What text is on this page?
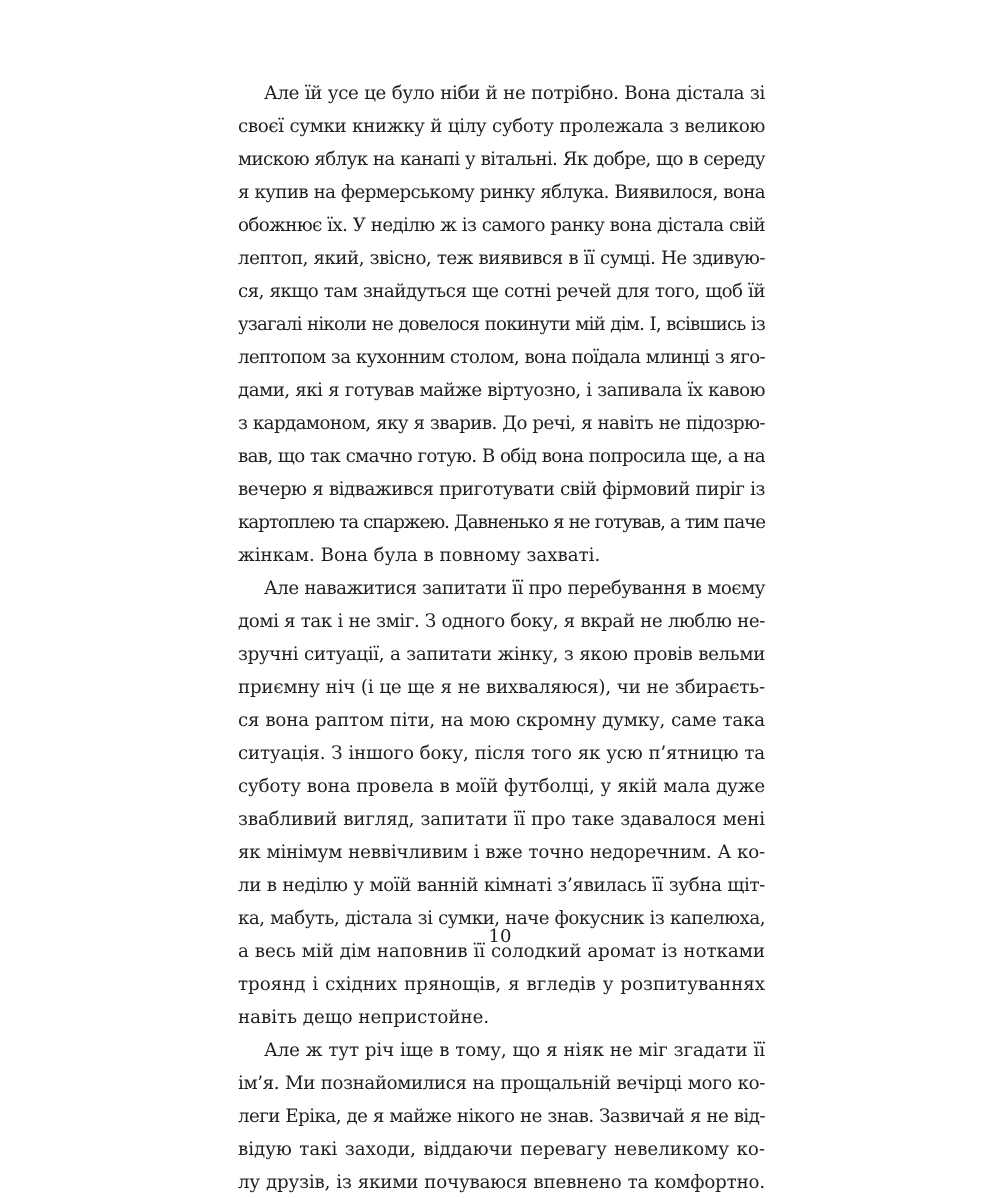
Але їй усе це було ніби й не потрібно. Вона дістала зі
своєї сумки книжку й цілу суботу пролежала з великою
мискою яблук на канапі у вітальні. Як добре, що в середу
я купив на фермерському ринку яблука. Виявилося, вона
обожнює їх. У неділю ж із самого ранку вона дістала свій
лептоп, який, звісно, теж виявився в її сумці. Не здивую-
ся, якщо там знайдуться ще сотні речей для того, щоб їй
узагалі ніколи не довелося покинути мій дім. І, всівшись із
лептопом за кухонним столом, вона поїдала млинці з яго-
дами, які я готував майже віртуозно, і запивала їх кавою
з кардамоном, яку я зварив. До речі, я навіть не підозрю-
вав, що так смачно готую. В обід вона попросила ще, а на
вечерю я відважився приготувати свій фірмовий пиріг із
картоплею та спаржею. Давненько я не готував, а тим паче
жінкам. Вона була в повному захваті.
Але наважитися запитати її про перебування в моєму
домі я так і не зміг. З одного боку, я вкрай не люблю не-
зручні ситуації, а запитати жінку, з якою провів вельми
приємну ніч (і це ще я не вихваляюся), чи не збираєть-
ся вона раптом піти, на мою скромну думку, саме така
ситуація. З іншого боку, після того як усю п’ятницю та
суботу вона провела в моїй футболці, у якій мала дуже
звабливий вигляд, запитати її про таке здавалося мені
як мінімум неввічливим і вже точно недоречним. А ко-
ли в неділю у моїй ванній кімнаті з’явилась її зубна щіт-
ка, мабуть, дістала зі сумки, наче фокусник із капелюха,
а весь мій дім наповнив її солодкий аромат із нотками
троянд і східних прянощів, я вгледів у розпитуваннях
навіть дещо непристойне.
Але ж тут річ іще в тому, що я ніяк не міг згадати її
ім’я. Ми познайомилися на прощальній вечірці мого ко-
леги Еріка, де я майже нікого не знав. Зазвичай я не від-
відую такі заходи, віддаючи перевагу невеликому ко-
лу друзів, із якими почуваюся впевнено та комфортно.
10
